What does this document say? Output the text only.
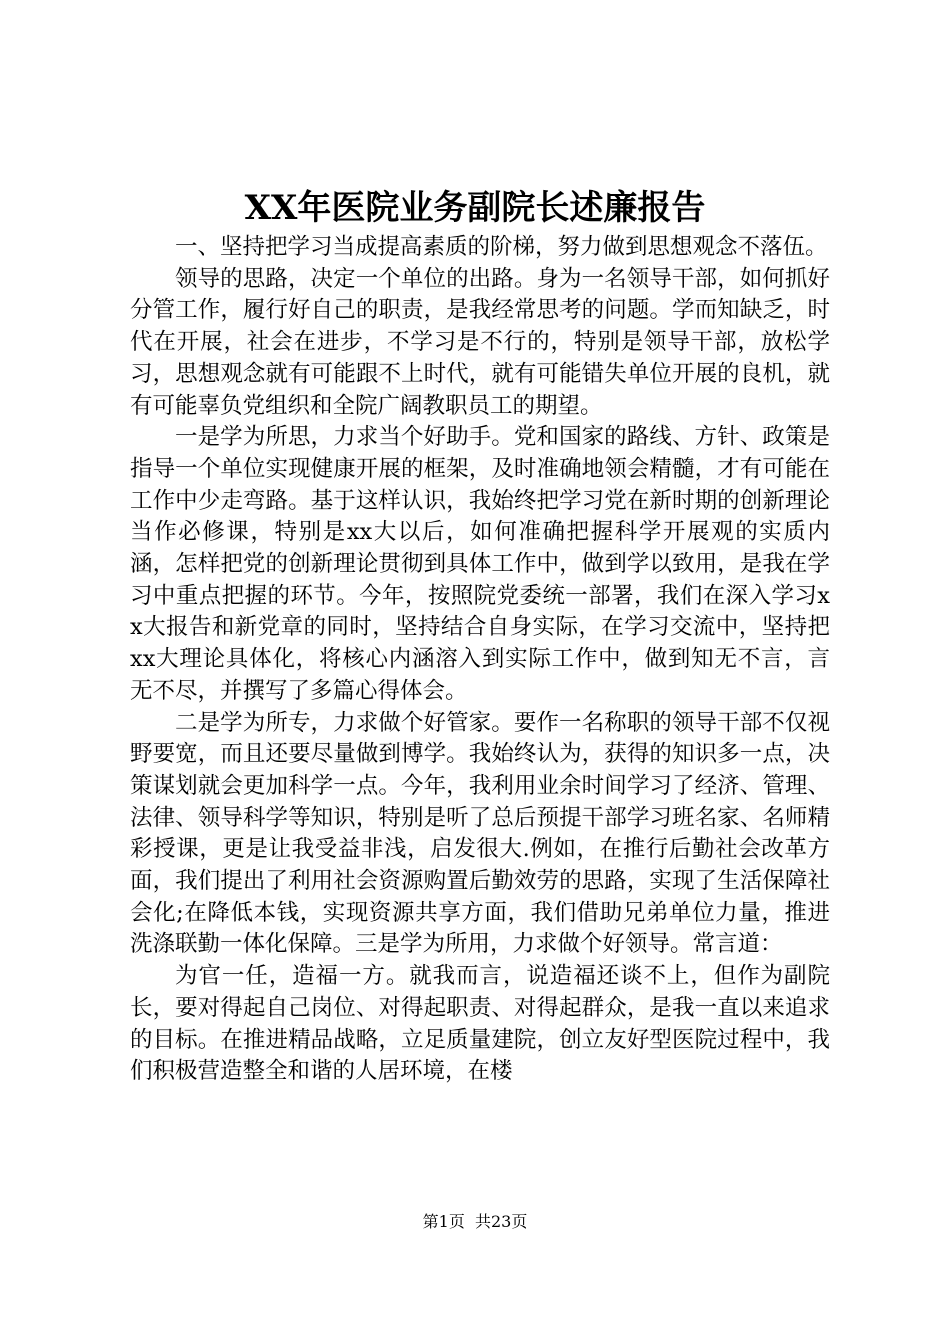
XX年医院业务副院长述廉报告

一、坚持把学习当成提高素质的阶梯，努力做到思想观念不落伍。

领导的思路，决定一个单位的出路。身为一名领导干部，如何抓好分管工作，履行好自己的职责，是我经常思考的问题。学而知缺乏，时代在开展，社会在进步，不学习是不行的，特别是领导干部，放松学习，思想观念就有可能跟不上时代，就有可能错失单位开展的良机，就有可能辜负党组织和全院广阔教职员工的期望。

一是学为所思，力求当个好助手。党和国家的路线、方针、政策是指导一个单位实现健康开展的框架，及时准确地领会精髓，才有可能在工作中少走弯路。基于这样认识，我始终把学习党在新时期的创新理论当作必修课，特别是xx大以后，如何准确把握科学开展观的实质内涵，怎样把党的创新理论贯彻到具体工作中，做到学以致用，是我在学习中重点把握的环节。今年，按照院党委统一部署，我们在深入学习xx大报告和新党章的同时，坚持结合自身实际，在学习交流中，坚持把xx大理论具体化，将核心内涵溶入到实际工作中，做到知无不言，言无不尽，并撰写了多篇心得体会。

二是学为所专，力求做个好管家。要作一名称职的领导干部不仅视野要宽，而且还要尽量做到博学。我始终认为，获得的知识多一点，决策谋划就会更加科学一点。今年，我利用业余时间学习了经济、管理、法律、领导科学等知识，特别是听了总后预提干部学习班名家、名师精彩授课，更是让我受益非浅，启发很大.例如，在推行后勤社会改革方面，我们提出了利用社会资源购置后勤效劳的思路，实现了生活保障社会化;在降低本钱，实现资源共享方面，我们借助兄弟单位力量，推进洗涤联勤一体化保障。三是学为所用，力求做个好领导。常言道：

为官一任，造福一方。就我而言，说造福还谈不上，但作为副院长，要对得起自己岗位、对得起职责、对得起群众，是我一直以来追求的目标。在推进精品战略，立足质量建院，创立友好型医院过程中，我们积极营造整全和谐的人居环境，在楼

第1页  共23页
